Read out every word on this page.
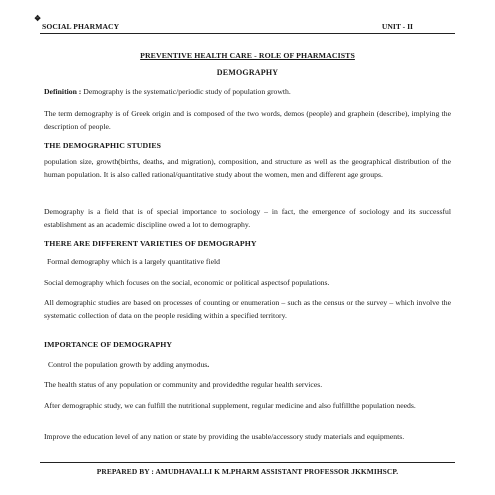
❖
SOCIAL PHARMACY	UNIT - II
PREVENTIVE HEALTH CARE - ROLE OF PHARMACISTS
DEMOGRAPHY

Definition : Demography is the systematic/periodic study of population growth.

The term demography is of Greek origin and is composed of the two words, demos (people) and graphein (describe), implying the description of people.

THE DEMOGRAPHIC STUDIES

population size, growth(births, deaths, and migration), composition, and structure as well as the geographical distribution of the human population. It is also called rational/quantitative study about the women, men and different age groups.

Demography is a field that is of special importance to sociology – in fact, the emergence of sociology and its successful establishment as an academic discipline owed a lot to demography.

THERE ARE DIFFERENT VARIETIES OF DEMOGRAPHY

Formal demography which is a largely quantitative field

Social demography which focuses on the social, economic or political aspectsof populations.

All demographic studies are based on processes of counting or enumeration – such as the census or the survey – which involve the systematic collection of data on the people residing within a specified territory.

IMPORTANCE OF DEMOGRAPHY

Control the population growth by adding anymodus.

The health status of any population or community and providedthe regular health services.

After demographic study, we can fulfill the nutritional supplement, regular medicine and also fulfillthe population needs.

Improve the education level of any nation or state by providing the usable/accessory study materials and equipments.

PREPARED BY : AMUDHAVALLI K M.PHARM ASSISTANT PROFESSOR JKKMIHSCP.
